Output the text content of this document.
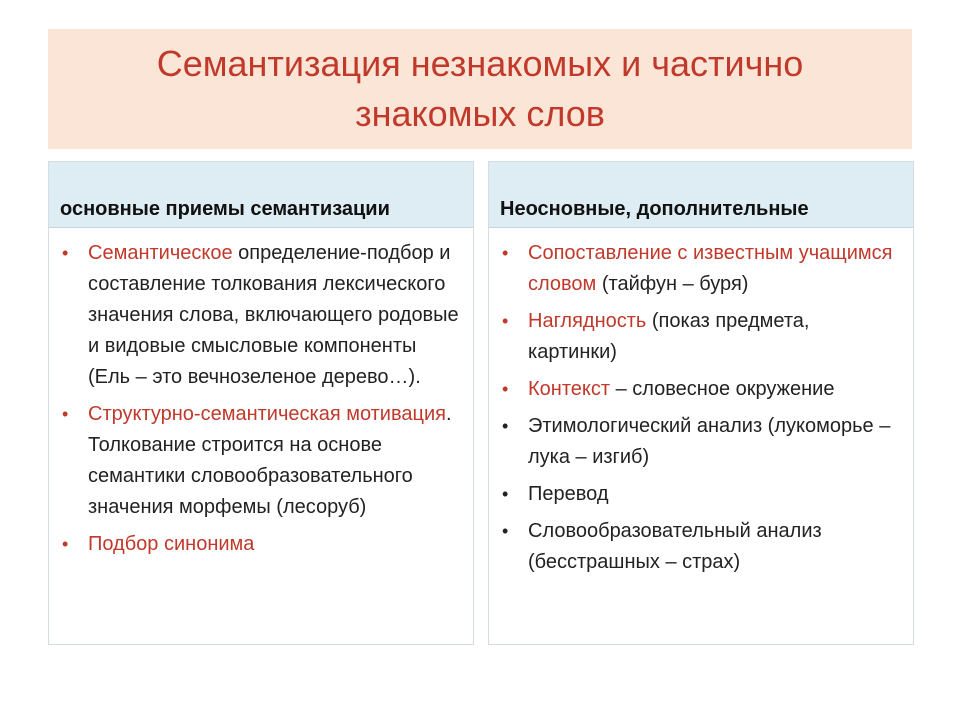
Семантизация незнакомых и частично
знакомых слов
основные приемы семантизации
• Семантическое определение-подбор и составление толкования лексического значения слова, включающего родовые и видовые смысловые компоненты (Ель – это вечнозеленое дерево…).
• Структурно-семантическая мотивация. Толкование строится на основе семантики словообразовательного значения морфемы (лесоруб)
• Подбор синонима
Неосновные, дополнительные
• Сопоставление с известным учащимся словом (тайфун – буря)
• Наглядность (показ предмета, картинки)
• Контекст – словесное окружение
• Этимологический анализ (лукоморье – лука – изгиб)
• Перевод
• Словообразовательный анализ (бесстрашных – страх)
